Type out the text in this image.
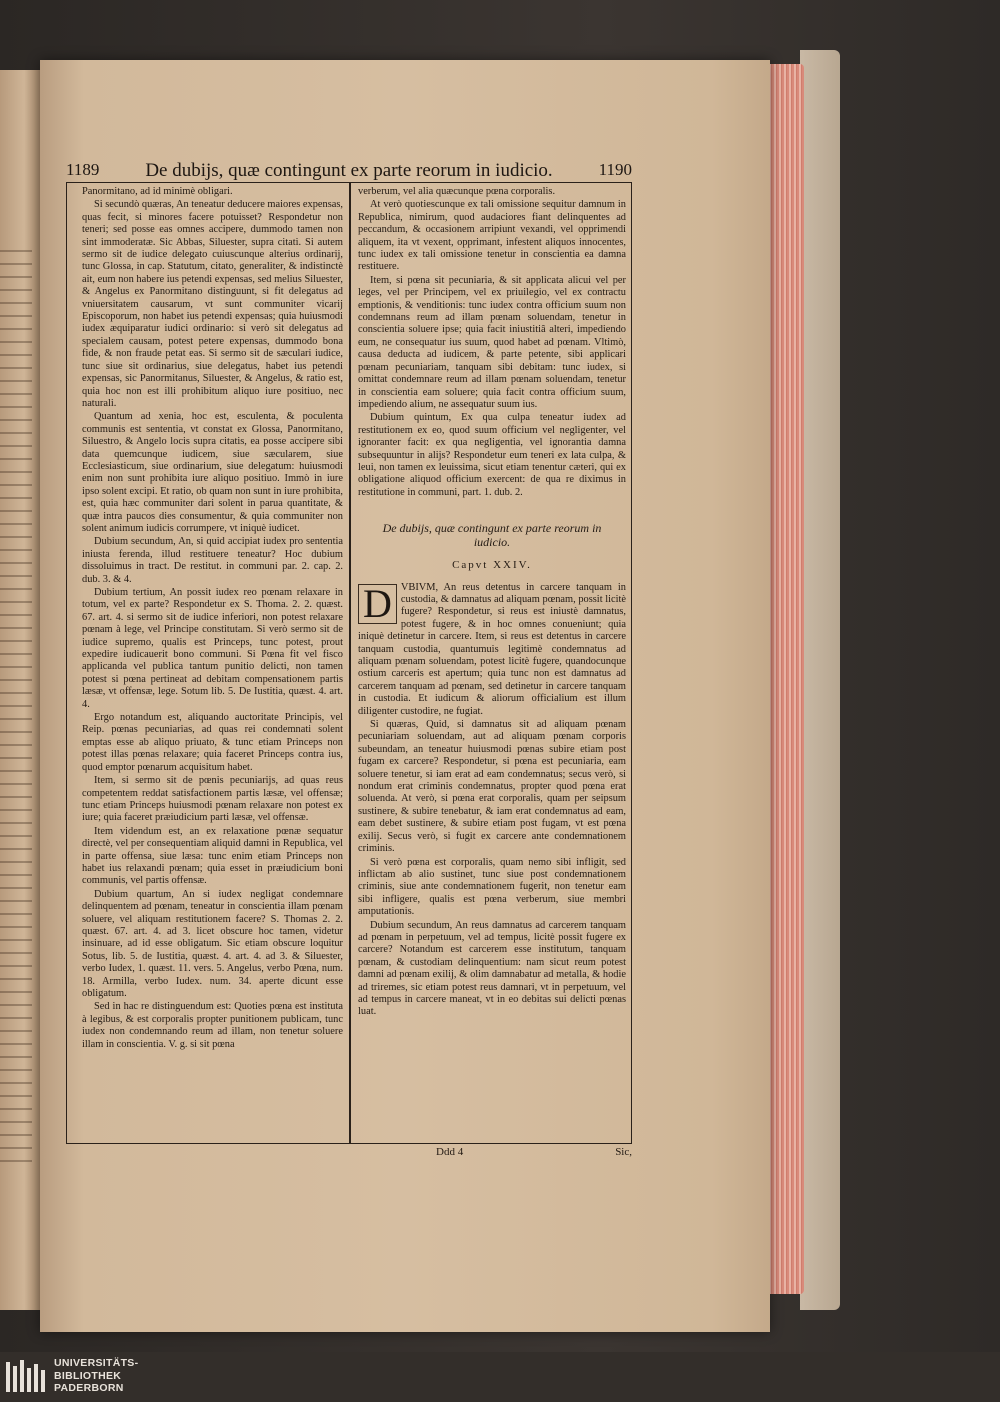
1189	De dubijs, quæ contingunt ex parte reorum in iudicio.	1190

Panormitano, ad id minimè obligari.

Si secundò quæras, An teneatur deducere maiores expensas, quas fecit, si minores facere potuisset? Respondetur non teneri; sed posse eas omnes accipere, dummodo tamen non sint immoderatæ. Sic Abbas, Siluester, supra citati. Si autem sermo sit de iudice delegato cuiuscunque alterius ordinarij, tunc Glossa, in cap. Statutum, citato, generaliter, & indistinctè ait, eum non habere ius petendi expensas, sed melius Siluester, & Angelus ex Panormitano distinguunt, si fit delegatus ad vniuersitatem causarum, vt sunt communiter vicarij Episcoporum, non habet ius petendi expensas; quia huiusmodi iudex æquiparatur iudici ordinario: si verò sit delegatus ad specialem causam, potest petere expensas, dummodo bona fide, & non fraude petat eas. Si sermo sit de sæculari iudice, tunc siue sit ordinarius, siue delegatus, habet ius petendi expensas, sic Panormitanus, Siluester, & Angelus, & ratio est, quia hoc non est illi prohibitum aliquo iure positiuo, nec naturali.

Quantum ad xenia, hoc est, esculenta, & poculenta communis est sententia, vt constat ex Glossa, Panormitano, Siluestro, & Angelo locis supra citatis, ea posse accipere sibi data quemcunque iudicem, siue sæcularem, siue Ecclesiasticum, siue ordinarium, siue delegatum: huiusmodi enim non sunt prohibita iure aliquo positiuo. Immò in iure ipso solent excipi. Et ratio, ob quam non sunt in iure prohibita, est, quia hæc communiter dari solent in parua quantitate, & quæ intra paucos dies consumentur, & quia communiter non solent animum iudicis corrumpere, vt iniquè iudicet.

Dubium secundum, An, si quid accipiat iudex pro sententia iniusta ferenda, illud restituere teneatur? Hoc dubium dissoluimus in tract. De restitut. in communi par. 2. cap. 2. dub. 3. & 4.

Dubium tertium, An possit iudex reo pœnam relaxare in totum, vel ex parte? Respondetur ex S. Thoma. 2. 2. quæst. 67. art. 4. si sermo sit de iudice inferiori, non potest relaxare pœnam à lege, vel Principe constitutam. Si verò sermo sit de iudice supremo, qualis est Princeps, tunc potest, prout expedire iudicauerit bono communi. Si Pœna fit vel fisco applicanda vel publica tantum punitio delicti, non tamen potest si pœna pertineat ad debitam compensationem partis læsæ, vt offensæ, lege. Sotum lib. 5. De Iustitia, quæst. 4. art. 4.

Ergo notandum est, aliquando auctoritate Principis, vel Reip. pœnas pecuniarias, ad quas rei condemnati solent emptas esse ab aliquo priuato, & tunc etiam Princeps non potest illas pœnas relaxare; quia faceret Princeps contra ius, quod emptor pœnarum acquisitum habet.

Item, si sermo sit de pœnis pecuniarijs, ad quas reus competentem reddat satisfactionem partis læsæ, vel offensæ; tunc etiam Princeps huiusmodi pœnam relaxare non potest ex iure; quia faceret præiudicium parti læsæ, vel offensæ.

Item videndum est, an ex relaxatione pœnæ sequatur directè, vel per consequentiam aliquid damni in Republica, vel in parte offensa, siue læsa: tunc enim etiam Princeps non habet ius relaxandi pœnam; quia esset in præiudicium boni communis, vel partis offensæ.

Dubium quartum, An si iudex negligat condemnare delinquentem ad pœnam, teneatur in conscientia illam pœnam soluere, vel aliquam restitutionem facere? S. Thomas 2. 2. quæst. 67. art. 4. ad 3. licet obscure hoc tamen, videtur insinuare, ad id esse obligatum. Sic etiam obscure loquitur Sotus, lib. 5. de Iustitia, quæst. 4. art. 4. ad 3. & Siluester, verbo Iudex, 1. quæst. 11. vers. 5. Angelus, verbo Pœna, num. 18. Armilla, verbo Iudex. num. 34. aperte dicunt esse obligatum.

Sed in hac re distinguendum est: Quoties pœna est instituta à legibus, & est corporalis propter punitionem publicam, tunc iudex non condemnando reum ad illam, non tenetur soluere illam in conscientia. V. g. si sit pœna

verberum, vel alia quæcunque pœna corporalis.

At verò quotiescunque ex tali omissione sequitur damnum in Republica, nimirum, quod audaciores fiant delinquentes ad peccandum, & occasionem arripiunt vexandi, vel opprimendi aliquem, ita vt vexent, opprimant, infestent aliquos innocentes, tunc iudex ex tali omissione tenetur in conscientia ea damna restituere.

Item, si pœna sit pecuniaria, & sit applicata alicui vel per leges, vel per Principem, vel ex priuilegio, vel ex contractu emptionis, & venditionis: tunc iudex contra officium suum non condemnans reum ad illam pœnam soluendam, tenetur in conscientia soluere ipse; quia facit iniustitiâ alteri, impediendo eum, ne consequatur ius suum, quod habet ad pœnam. Vltimò, causa deducta ad iudicem, & parte petente, sibi applicari pœnam pecuniariam, tanquam sibi debitam: tunc iudex, si omittat condemnare reum ad illam pœnam soluendam, tenetur in conscientia eam soluere; quia facit contra officium suum, impediendo alium, ne assequatur suum ius.

Dubium quintum, Ex qua culpa teneatur iudex ad restitutionem ex eo, quod suum officium vel negligenter, vel ignoranter facit: ex qua negligentia, vel ignorantia damna subsequuntur in alijs? Respondetur eum teneri ex lata culpa, & leui, non tamen ex leuissima, sicut etiam tenentur cæteri, qui ex obligatione aliquod officium exercent: de qua re diximus in restitutione in communi, part. 1. dub. 2.

De dubijs, quæ contingunt ex parte reorum in iudicio.
Capvt XXIV.

D VBIVM, An reus detentus in carcere tanquam in custodia, & damnatus ad aliquam pœnam, possit licitè fugere? Respondetur, si reus est iniustè damnatus, potest fugere, & in hoc omnes conueniunt; quia iniquè detinetur in carcere. Item, si reus est detentus in carcere tanquam custodia, quantumuis legitimè condemnatus ad aliquam pœnam soluendam, potest licitè fugere, quandocunque ostium carceris est apertum; quia tunc non est damnatus ad carcerem tanquam ad pœnam, sed detinetur in carcere tanquam in custodia. Et iudicum & aliorum officialium est illum diligenter custodire, ne fugiat.

Si quæras, Quid, si damnatus sit ad aliquam pœnam pecuniariam soluendam, aut ad aliquam pœnam corporis subeundam, an teneatur huiusmodi pœnas subire etiam post fugam ex carcere? Respondetur, si pœna est pecuniaria, eam soluere tenetur, si iam erat ad eam condemnatus; secus verò, si nondum erat criminis condemnatus, propter quod pœna erat soluenda. At verò, si pœna erat corporalis, quam per seipsum sustinere, & subire tenebatur, & iam erat condemnatus ad eam, eam debet sustinere, & subire etiam post fugam, vt est pœna exilij. Secus verò, si fugit ex carcere ante condemnationem criminis.

Si verò pœna est corporalis, quam nemo sibi infligit, sed inflictam ab alio sustinet, tunc siue post condemnationem criminis, siue ante condemnationem fugerit, non tenetur eam sibi infligere, qualis est pœna verberum, siue membri amputationis.

Dubium secundum, An reus damnatus ad carcerem tanquam ad pœnam in perpetuum, vel ad tempus, licitè possit fugere ex carcere? Notandum est carcerem esse institutum, tanquam pœnam, & custodiam delinquentium: nam sicut reum potest damni ad pœnam exilij, & olim damnabatur ad metalla, & hodie ad triremes, sic etiam potest reus damnari, vt in perpetuum, vel ad tempus in carcere maneat, vt in eo debitas sui delicti pœnas luat.

Ddd 4	Sic,
UNIVERSITÄTS-
BIBLIOTHEK
PADERBORN
